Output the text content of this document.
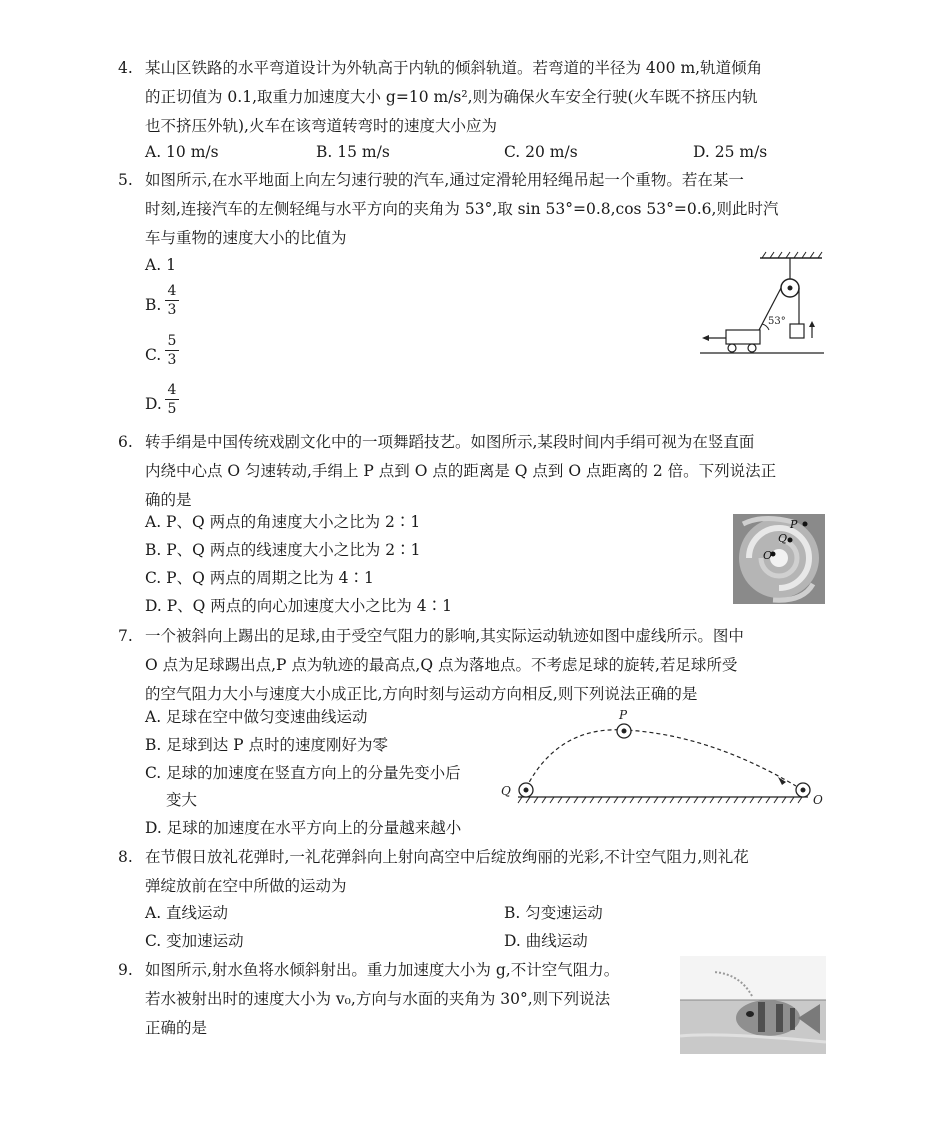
4. 某山区铁路的水平弯道设计为外轨高于内轨的倾斜轨道。若弯道的半径为 400 m,轨道倾角
的正切值为 0.1,取重力加速度大小 g=10 m/s²,则为确保火车安全行驶(火车既不挤压内轨
也不挤压外轨),火车在该弯道转弯时的速度大小应为
A. 10 m/s	B. 15 m/s	C. 20 m/s	D. 25 m/s
5. 如图所示,在水平地面上向左匀速行驶的汽车,通过定滑轮用轻绳吊起一个重物。若在某一
时刻,连接汽车的左侧轻绳与水平方向的夹角为 53°,取 sin 53°=0.8,cos 53°=0.6,则此时汽
车与重物的速度大小的比值为
A. 1
B.
4
3
C.
5
3
D.
4
5
53°
6. 转手绢是中国传统戏剧文化中的一项舞蹈技艺。如图所示,某段时间内手绢可视为在竖直面
内绕中心点 O 匀速转动,手绢上 P 点到 O 点的距离是 Q 点到 O 点距离的 2 倍。下列说法正
确的是
A. P、Q 两点的角速度大小之比为 2∶1
B. P、Q 两点的线速度大小之比为 2∶1
C. P、Q 两点的周期之比为 4∶1
D. P、Q 两点的向心加速度大小之比为 4∶1
P
Q
O
7. 一个被斜向上踢出的足球,由于受空气阻力的影响,其实际运动轨迹如图中虚线所示。图中
O 点为足球踢出点,P 点为轨迹的最高点,Q 点为落地点。不考虑足球的旋转,若足球所受
的空气阻力大小与速度大小成正比,方向时刻与运动方向相反,则下列说法正确的是
A. 足球在空中做匀变速曲线运动
B. 足球到达 P 点时的速度刚好为零
C. 足球的加速度在竖直方向上的分量先变小后
变大
D. 足球的加速度在水平方向上的分量越来越小
P
Q
O
8. 在节假日放礼花弹时,一礼花弹斜向上射向高空中后绽放绚丽的光彩,不计空气阻力,则礼花
弹绽放前在空中所做的运动为
A. 直线运动	B. 匀变速运动
C. 变加速运动	D. 曲线运动
9. 如图所示,射水鱼将水倾斜射出。重力加速度大小为 g,不计空气阻力。
若水被射出时的速度大小为 v₀,方向与水面的夹角为 30°,则下列说法
正确的是
